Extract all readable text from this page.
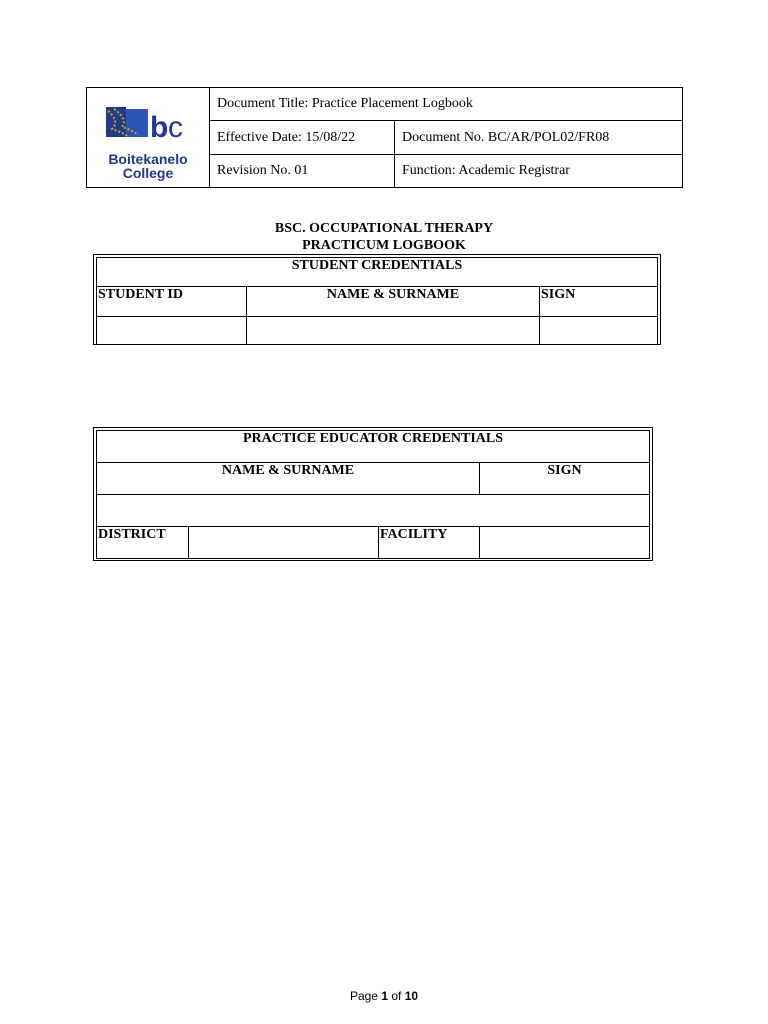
b c
Boitekanelo
College	Document Title: Practice Placement Logbook	
	Effective Date: 15/08/22	Document No. BC/AR/POL02/FR08
	Revision No. 01	Function: Academic Registrar
BSC. OCCUPATIONAL THERAPY
PRACTICUM LOGBOOK
STUDENT CREDENTIALS		
STUDENT ID	NAME & SURNAME	SIGN

PRACTICE EDUCATOR CREDENTIALS			
NAME & SURNAME			SIGN

DISTRICT		FACILITY	
Page 1 of 10
